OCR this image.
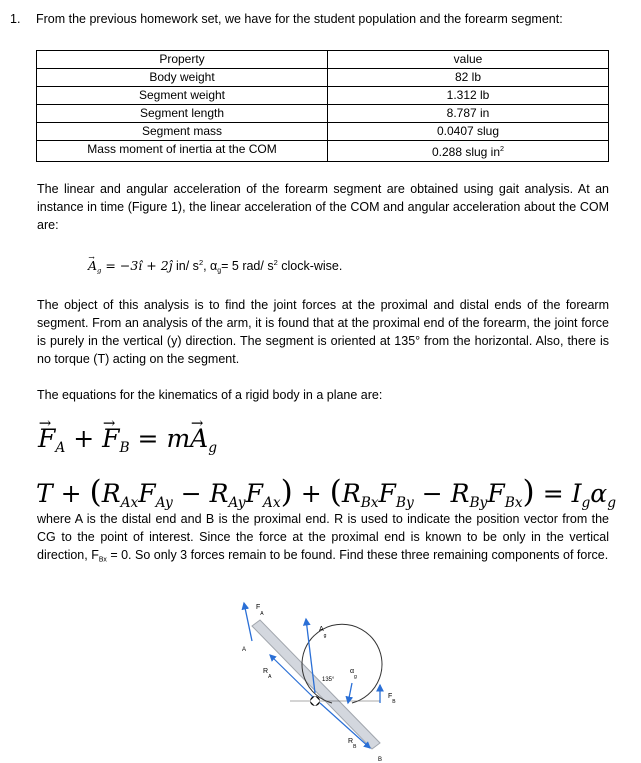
1. From the previous homework set, we have for the student population and the forearm segment:
Property	value
Body weight	82 lb
Segment weight	1.312 lb
Segment length	8.787 in
Segment mass	0.0407 slug
Mass moment of inertia at the COM	0.288 slug $in^2$
The linear and angular acceleration of the forearm segment are obtained using gait analysis. At an instance in time (Figure 1), the linear acceleration of the COM and angular acceleration about the COM are:
→ $A_g$ = −3î + 2ĵ in/ $s^2$, $\alpha_g= 5$ rad/ $s^2$ clock-wise.
The object of this analysis is to find the joint forces at the proximal and distal ends of the forearm segment. From an analysis of the arm, it is found that at the proximal end of the forearm, the joint force is purely in the vertical (y) direction. The segment is oriented at 135° from the horizontal. Also, there is no torque (T) acting on the segment.
The equations for the kinematics of a rigid body in a plane are:
→ $F_A$ + → $F_B = m\to A_g$
$T + (R_{Ax}F_{Ay} - R_{Ay}F_{Ax}) + (R_{Bx}F_{By} - R_{By}F_{Bx}) = I_g\alpha_g$
where A is the distal end and B is the proximal end. R is used to indicate the position vector from the CG to the point of interest. Since the force at the proximal end is known to be only in the vertical direction, $F_{Bx} = 0$. So only 3 forces remain to be found. Find these three remaining components of force.
$F_A$
A
$A_g$
$R_A$	135°
$\alpha_g$
$F_B$
$R_B$
B
